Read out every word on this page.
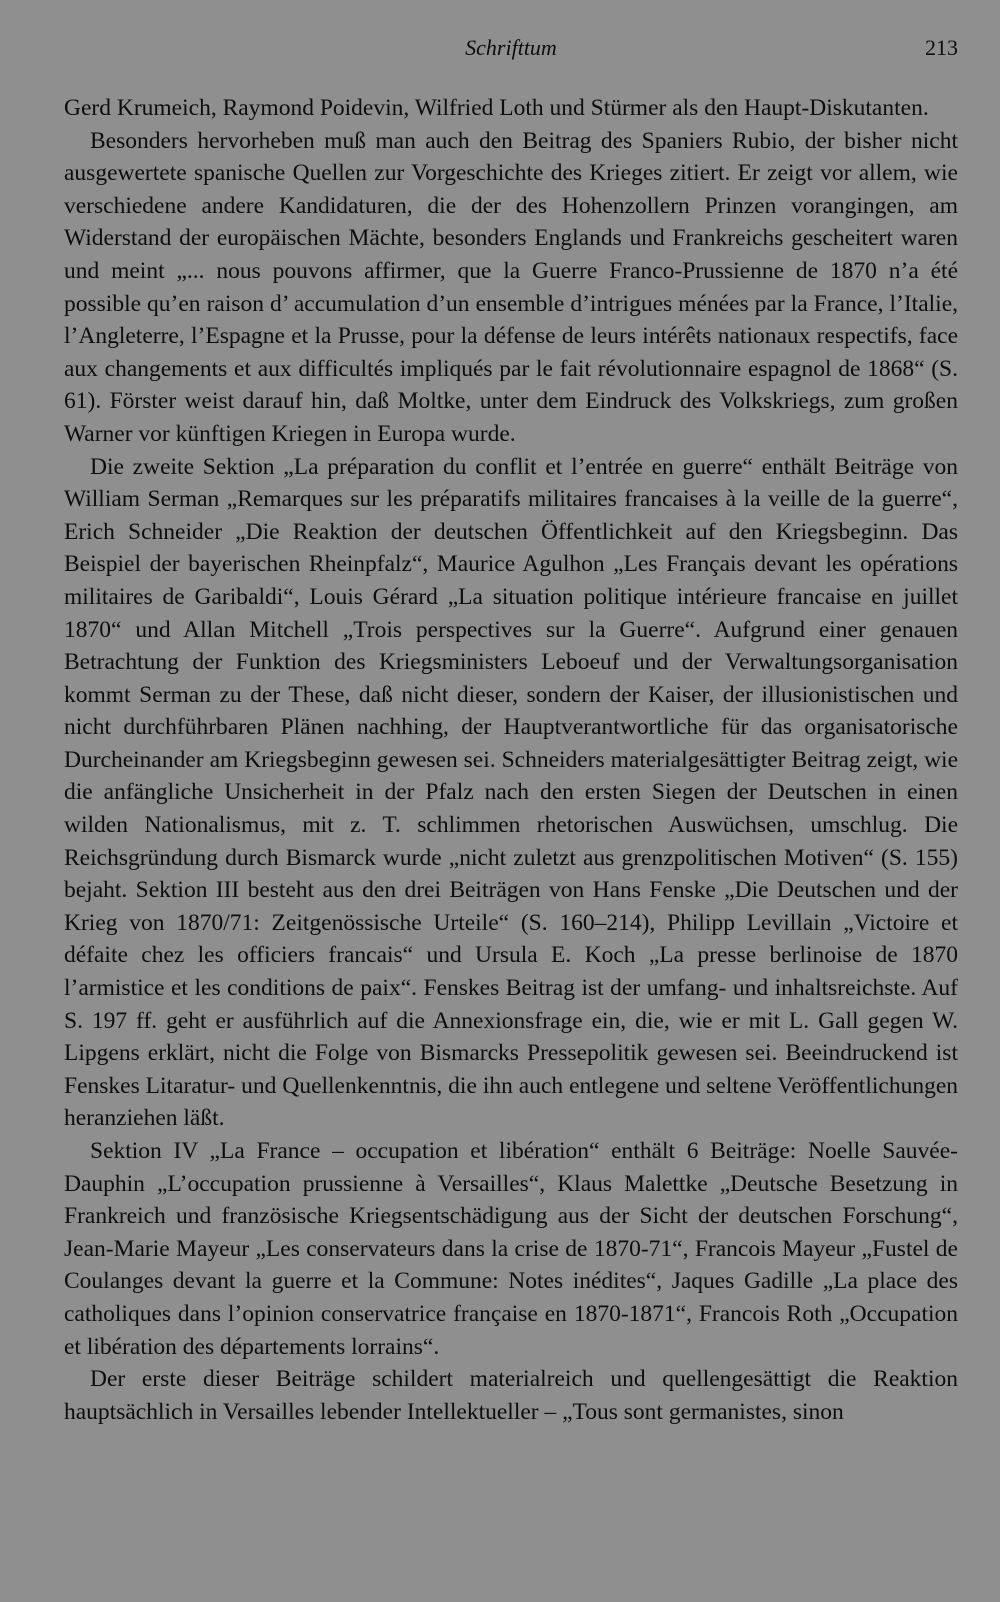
Schrifttum	213

Gerd Krumeich, Raymond Poidevin, Wilfried Loth und Stürmer als den Haupt-Diskutanten.

Besonders hervorheben muß man auch den Beitrag des Spaniers Rubio, der bisher nicht ausgewertete spanische Quellen zur Vorgeschichte des Krieges zitiert. Er zeigt vor allem, wie verschiedene andere Kandidaturen, die der des Hohenzollern Prinzen vorangingen, am Widerstand der europäischen Mächte, besonders Englands und Frankreichs gescheitert waren und meint „... nous pouvons affirmer, que la Guerre Franco-Prussienne de 1870 n’a été possible qu’en raison d’ accumulation d’un ensemble d’intrigues ménées par la France, l’Italie, l’Angleterre, l’Espagne et la Prusse, pour la défense de leurs intérêts nationaux respectifs, face aux changements et aux difficultés impliqués par le fait révolutionnaire espagnol de 1868“ (S. 61). Förster weist darauf hin, daß Moltke, unter dem Eindruck des Volkskriegs, zum großen Warner vor künftigen Kriegen in Europa wurde.

Die zweite Sektion „La préparation du conflit et l’entrée en guerre“ enthält Beiträge von William Serman „Remarques sur les préparatifs militaires francaises à la veille de la guerre“, Erich Schneider „Die Reaktion der deutschen Öffentlichkeit auf den Kriegsbeginn. Das Beispiel der bayerischen Rheinpfalz“, Maurice Agulhon „Les Français devant les opérations militaires de Garibaldi“, Louis Gérard „La situation politique intérieure francaise en juillet 1870“ und Allan Mitchell „Trois perspectives sur la Guerre“. Aufgrund einer genauen Betrachtung der Funktion des Kriegsministers Leboeuf und der Verwaltungsorganisation kommt Serman zu der These, daß nicht dieser, sondern der Kaiser, der illusionistischen und nicht durchführbaren Plänen nachhing, der Hauptverantwortliche für das organisatorische Durcheinander am Kriegsbeginn gewesen sei. Schneiders materialgesättigter Beitrag zeigt, wie die anfängliche Unsicherheit in der Pfalz nach den ersten Siegen der Deutschen in einen wilden Nationalismus, mit z. T. schlimmen rhetorischen Auswüchsen, umschlug. Die Reichsgründung durch Bismarck wurde „nicht zuletzt aus grenzpolitischen Motiven“ (S. 155) bejaht. Sektion III besteht aus den drei Beiträgen von Hans Fenske „Die Deutschen und der Krieg von 1870/71: Zeitgenössische Urteile“ (S. 160–214), Philipp Levillain „Victoire et défaite chez les officiers francais“ und Ursula E. Koch „La presse berlinoise de 1870 l’armistice et les conditions de paix“. Fenskes Beitrag ist der umfang- und inhaltsreichste. Auf S. 197 ff. geht er ausführlich auf die Annexionsfrage ein, die, wie er mit L. Gall gegen W. Lipgens erklärt, nicht die Folge von Bismarcks Pressepolitik gewesen sei. Beeindruckend ist Fenskes Litaratur- und Quellenkenntnis, die ihn auch entlegene und seltene Veröffentlichungen heranziehen läßt.

Sektion IV „La France – occupation et libération“ enthält 6 Beiträge: Noelle Sauvée-Dauphin „L’occupation prussienne à Versailles“, Klaus Malettke „Deutsche Besetzung in Frankreich und französische Kriegsentschädigung aus der Sicht der deutschen Forschung“, Jean-Marie Mayeur „Les conservateurs dans la crise de 1870-71“, Francois Mayeur „Fustel de Coulanges devant la guerre et la Commune: Notes inédites“, Jaques Gadille „La place des catholiques dans l’opinion conservatrice française en 1870-1871“, Francois Roth „Occupation et libération des départements lorrains“.

Der erste dieser Beiträge schildert materialreich und quellengesättigt die Reaktion hauptsächlich in Versailles lebender Intellektueller – „Tous sont germanistes, sinon
